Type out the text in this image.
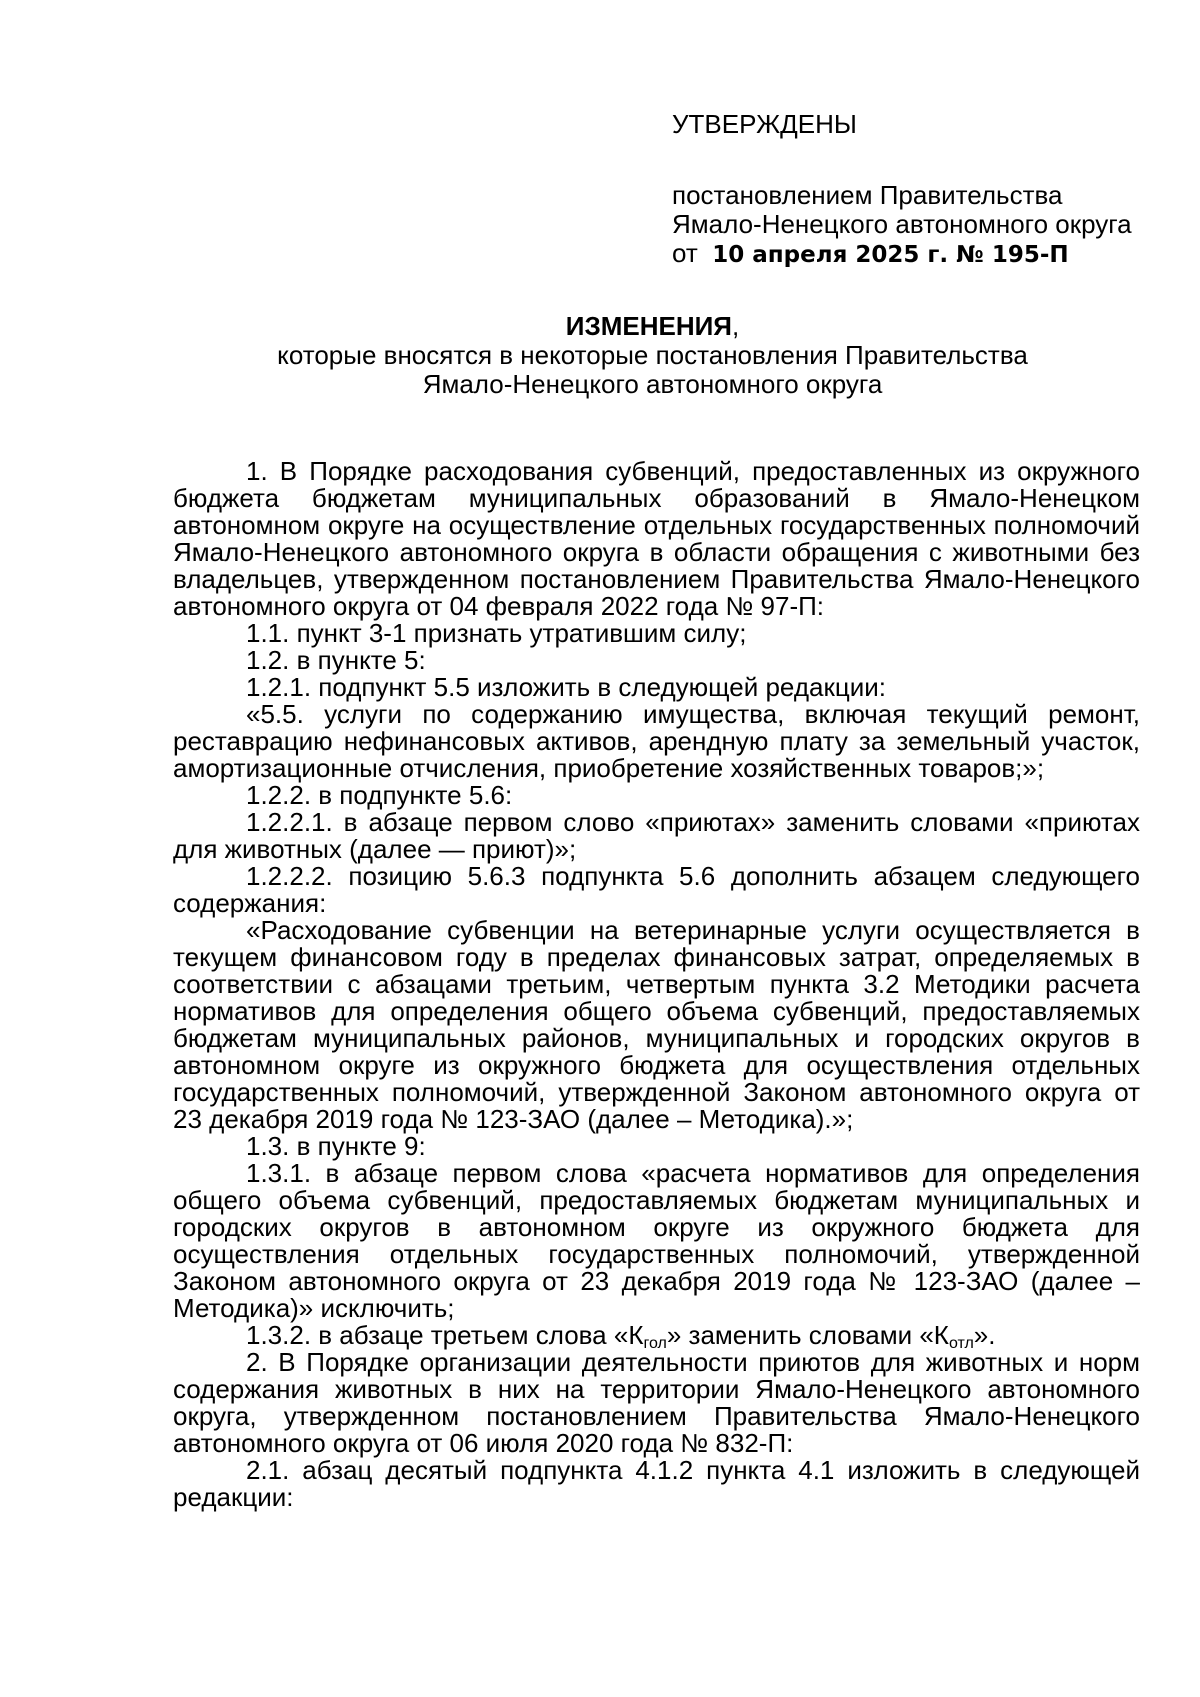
УТВЕРЖДЕНЫ

постановлением Правительства

Ямало-Ненецкого автономного округа

от 10 апреля 2025 г. № 195-П

ИЗМЕНЕНИЯ,

которые вносятся в некоторые постановления Правительства

Ямало-Ненецкого автономного округа

1. В Порядке расходования субвенций, предоставленных из окружного бюджета бюджетам муниципальных образований в Ямало-Ненецком автономном округе на осуществление отдельных государственных полномочий Ямало-Ненецкого автономного округа в области обращения с животными без владельцев, утвержденном постановлением Правительства Ямало-Ненецкого автономного округа от 04 февраля 2022 года № 97-П:

1.1. пункт 3-1 признать утратившим силу;

1.2. в пункте 5:

1.2.1. подпункт 5.5 изложить в следующей редакции:

«5.5. услуги по содержанию имущества, включая текущий ремонт, реставрацию нефинансовых активов, арендную плату за земельный участок, амортизационные отчисления, приобретение хозяйственных товаров;»;

1.2.2. в подпункте 5.6:

1.2.2.1. в абзаце первом слово «приютах» заменить словами «приютах для животных (далее — приют)»;

1.2.2.2. позицию 5.6.3 подпункта 5.6 дополнить абзацем следующего содержания:

«Расходование субвенции на ветеринарные услуги осуществляется в текущем финансовом году в пределах финансовых затрат, определяемых в соответствии с абзацами третьим, четвертым пункта 3.2 Методики расчета нормативов для определения общего объема субвенций, предоставляемых бюджетам муниципальных районов, муниципальных и городских округов в автономном округе из окружного бюджета для осуществления отдельных государственных полномочий, утвержденной Законом автономного округа от 23 декабря 2019 года № 123-ЗАО (далее – Методика).»;

1.3. в пункте 9:

1.3.1. в абзаце первом слова «расчета нормативов для определения общего объема субвенций, предоставляемых бюджетам муниципальных и городских округов в автономном округе из окружного бюджета для осуществления отдельных государственных полномочий, утвержденной Законом автономного округа от 23 декабря 2019 года № 123-ЗАО (далее – Методика)» исключить;

1.3.2. в абзаце третьем слова «$К_{гол}$» заменить словами «$К_{отл}$».

2. В Порядке организации деятельности приютов для животных и норм содержания животных в них на территории Ямало-Ненецкого автономного округа, утвержденном постановлением Правительства Ямало-Ненецкого автономного округа от 06 июля 2020 года № 832-П:

2.1. абзац десятый подпункта 4.1.2 пункта 4.1 изложить в следующей редакции:
